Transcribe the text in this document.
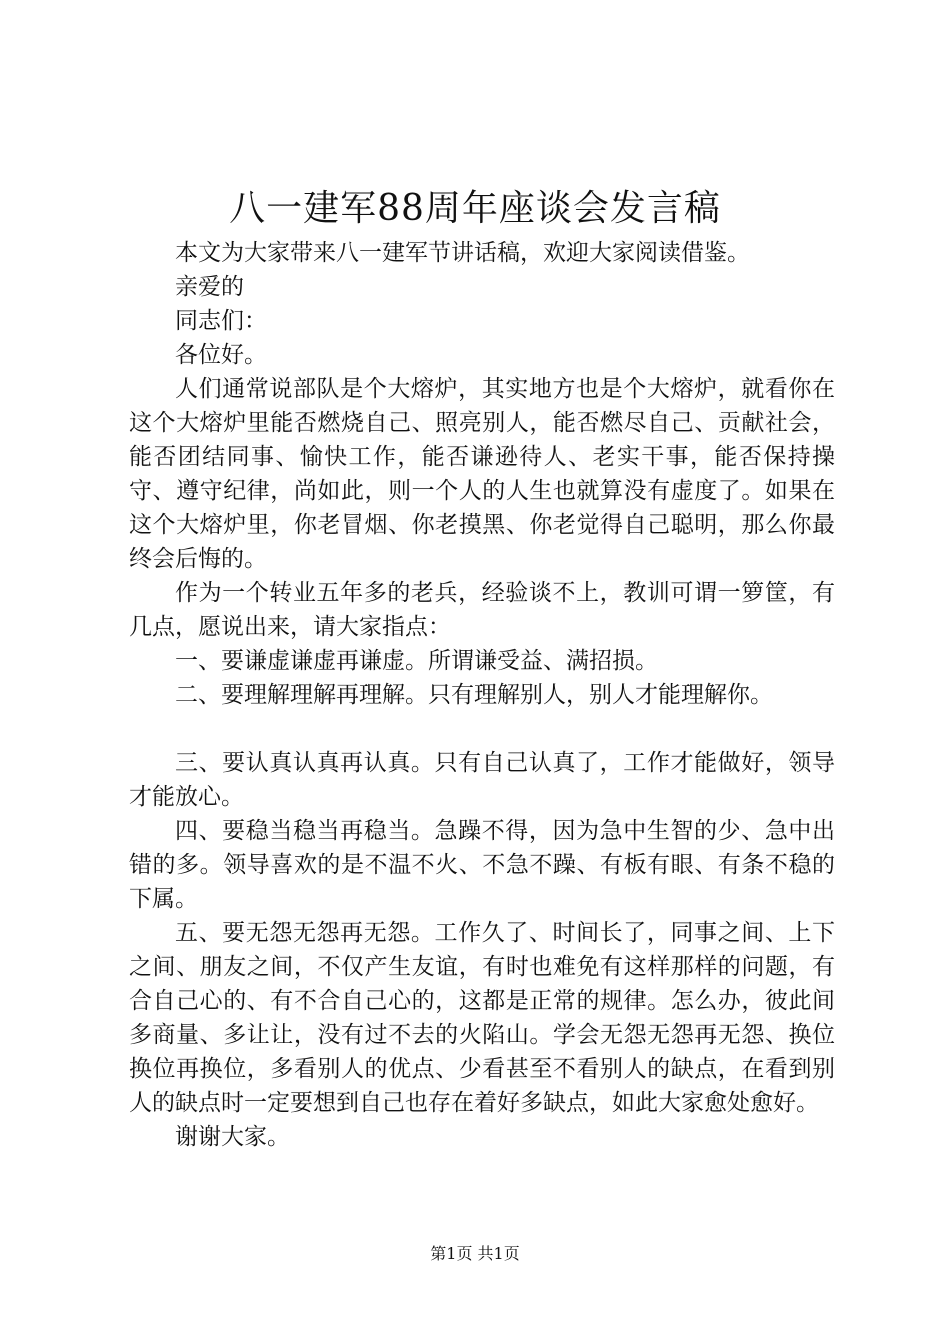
八一建军88周年座谈会发言稿

本文为大家带来八一建军节讲话稿，欢迎大家阅读借鉴。

亲爱的

同志们：

各位好。

人们通常说部队是个大熔炉，其实地方也是个大熔炉，就看你在这个大熔炉里能否燃烧自己、照亮别人，能否燃尽自己、贡献社会，能否团结同事、愉快工作，能否谦逊待人、老实干事，能否保持操守、遵守纪律，尚如此，则一个人的人生也就算没有虚度了。如果在这个大熔炉里，你老冒烟、你老摸黑、你老觉得自己聪明，那么你最终会后悔的。

作为一个转业五年多的老兵，经验谈不上，教训可谓一箩筐，有几点，愿说出来，请大家指点：

一、要谦虚谦虚再谦虚。所谓谦受益、满招损。

二、要理解理解再理解。只有理解别人，别人才能理解你。

三、要认真认真再认真。只有自己认真了，工作才能做好，领导才能放心。

四、要稳当稳当再稳当。急躁不得，因为急中生智的少、急中出错的多。领导喜欢的是不温不火、不急不躁、有板有眼、有条不稳的下属。

五、要无怨无怨再无怨。工作久了、时间长了，同事之间、上下之间、朋友之间，不仅产生友谊，有时也难免有这样那样的问题，有合自己心的、有不合自己心的，这都是正常的规律。怎么办，彼此间多商量、多让让，没有过不去的火陷山。学会无怨无怨再无怨、换位换位再换位，多看别人的优点、少看甚至不看别人的缺点，在看到别人的缺点时一定要想到自己也存在着好多缺点，如此大家愈处愈好。

谢谢大家。

第1页 共1页
